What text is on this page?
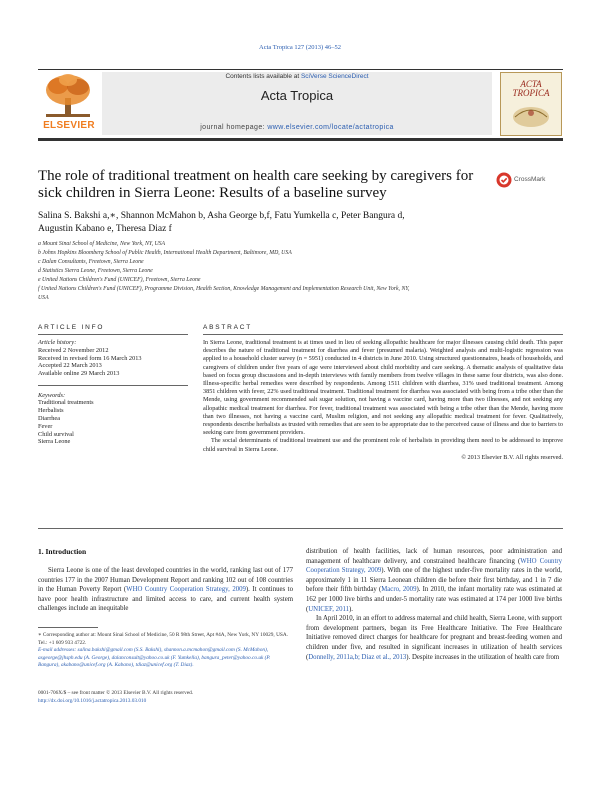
Acta Tropica 127 (2013) 46–52
ELSEVIER
Contents lists available at SciVerse ScienceDirect
Acta Tropica
journal homepage: www.elsevier.com/locate/actatropica
ACTA
TROPICA
The role of traditional treatment on health care seeking by caregivers for sick children in Sierra Leone: Results of a baseline survey
CrossMark
Salina S. Bakshi a,∗, Shannon McMahon b, Asha George b,f, Fatu Yumkella c, Peter Bangura d,
Augustin Kabano e, Theresa Diaz f
a Mount Sinai School of Medicine, New York, NY, USA
b Johns Hopkins Bloomberg School of Public Health, International Health Department, Baltimore, MD, USA
c Dalan Consultants, Freetown, Sierra Leone
d Statistics Sierra Leone, Freetown, Sierra Leone
e United Nations Children's Fund (UNICEF), Freetown, Sierra Leone
f United Nations Children's Fund (UNICEF), Programme Division, Health Section, Knowledge Management and Implementation Research Unit, New York, NY,
USA
ARTICLE INFO
Article history:
Received 2 November 2012
Received in revised form 16 March 2013
Accepted 22 March 2013
Available online 29 March 2013
Keywords:
Traditional treatments
Herbalists
Diarrhea
Fever
Child survival
Sierra Leone
ABSTRACT

In Sierra Leone, traditional treatment is at times used in lieu of seeking allopathic healthcare for major illnesses causing child death. This paper describes the nature of traditional treatment for diarrhea and fever (presumed malaria). Weighted analysis and multi-logistic regression was applied to a household cluster survey (n = 5951) conducted in 4 districts in June 2010. Using structured questionnaires, heads of households, and caregivers of children under five years of age were interviewed about child morbidity and care seeking. A thematic analysis of qualitative data based on focus group discussions and in-depth interviews with family members from twelve villages in these same four districts, was also done. Illness-specific herbal remedies were described by respondents. Among 1511 children with diarrhea, 31% used traditional treatment. Among 3851 children with fever, 22% used traditional treatment. Traditional treatment for diarrhea was associated with being from a tribe other than the Mende, using government recommended salt sugar solution, not having a vaccine card, having more than two illnesses, and not seeking any allopathic medical treatment for diarrhea. For fever, traditional treatment was associated with being a tribe other than the Mende, having more than two illnesses, not having a vaccine card, Muslim religion, and not seeking any allopathic medical treatment for fever. Qualitatively, respondents describe herbalists as trusted with remedies that are seen to be appropriate due to the perceived cause of illness and due to barriers to seeking care from government providers.

The social determinants of traditional treatment use and the prominent role of herbalists in providing them need to be addressed to improve child survival in Sierra Leone.

© 2013 Elsevier B.V. All rights reserved.
1. Introduction

Sierra Leone is one of the least developed countries in the world, ranking last out of 177 countries 177 in the 2007 Human Development Report and ranking 102 out of 108 countries in the Human Poverty Report (WHO Country Cooperation Strategy, 2009). It continues to have poor health infrastructure and limited access to care, and current health system challenges include an inequitable

∗ Corresponding author at: Mount Sinai School of Medicine, 50 R 98th Street, Apt #4A, New York, NY 10029, USA. Tel.: +1 609 933 4722.
E-mail addresses: salina.bakshi@gmail.com (S.S. Bakshi), shannon.a.mcmahon@gmail.com (S. McMahon), asgeorge@jhsph.edu (A. George), dalanconsult@yahoo.co.uk (F. Yumkella), bangura_peter@yahoo.co.uk (P. Bangura), akabano@unicef.org (A. Kabano), tdiaz@unicef.org (T. Diaz).
0001-706X/$ – see front matter © 2013 Elsevier B.V. All rights reserved.
http://dx.doi.org/10.1016/j.actatropica.2013.03.010

distribution of health facilities, lack of human resources, poor administration and management of healthcare delivery, and constrained healthcare financing (WHO Country Cooperation Strategy, 2009). With one of the highest under-five mortality rates in the world, approximately 1 in 11 Sierra Leonean children die before their first birthday, and 1 in 7 die before their fifth birthday (Macro, 2009). In 2010, the infant mortality rate was estimated at 162 per 1000 live births and under-5 mortality rate was estimated at 174 per 1000 live births (UNICEF, 2011).

In April 2010, in an effort to address maternal and child health, Sierra Leone, with support from development partners, began its Free Healthcare Initiative. The Free Healthcare Initiative removed direct charges for healthcare for pregnant and breast-feeding women and children under five, and resulted in significant increases in utilization of health services (Donnelly, 2011a,b; Diaz et al., 2013). Despite increases in the utilization of health care from
